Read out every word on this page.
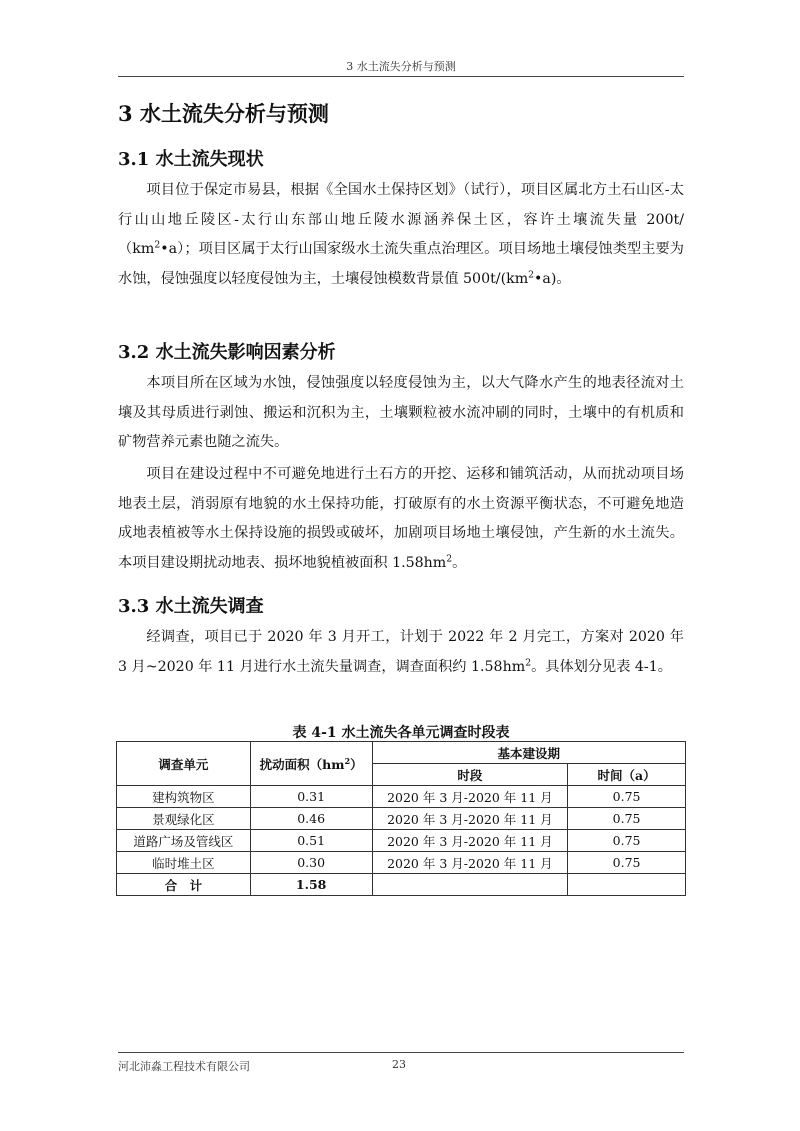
3 水土流失分析与预测
3 水土流失分析与预测
3.1 水土流失现状

项目位于保定市易县，根据《全国水土保持区划》（试行），项目区属北方土石山区-太行山山地丘陵区-太行山东部山地丘陵水源涵养保土区，容许土壤流失量 $200t/(km^2•a)$；项目区属于太行山国家级水土流失重点治理区。项目场地土壤侵蚀类型主要为水蚀，侵蚀强度以轻度侵蚀为主，土壤侵蚀模数背景值 $500t/(km^2•a)$。

3.2 水土流失影响因素分析

本项目所在区域为水蚀，侵蚀强度以轻度侵蚀为主，以大气降水产生的地表径流对土壤及其母质进行剥蚀、搬运和沉积为主，土壤颗粒被水流冲刷的同时，土壤中的有机质和矿物营养元素也随之流失。

项目在建设过程中不可避免地进行土石方的开挖、运移和铺筑活动，从而扰动项目场地表土层，消弱原有地貌的水土保持功能，打破原有的水土资源平衡状态，不可避免地造成地表植被等水土保持设施的损毁或破坏，加剧项目场地土壤侵蚀，产生新的水土流失。本项目建设期扰动地表、损坏地貌植被面积 $1.58hm^2$。

3.3 水土流失调查

经调查，项目已于 2020 年 3 月开工，计划于 2022 年 2 月完工，方案对 2020 年 3 月~2020 年 11 月进行水土流失量调查，调查面积约 $1.58hm^2$。具体划分见表 4-1。

表 4-1 水土流失各单元调查时段表
调查单元	扰动面积$(hm^2)$	基本建设期	
		时段	时间（a）
建构筑物区	0.31	2020 年 3 月-2020 年 11 月	0.75
景观绿化区	0.46	2020 年 3 月-2020 年 11 月	0.75
道路广场及管线区	0.51	2020 年 3 月-2020 年 11 月	0.75
临时堆土区	0.30	2020 年 3 月-2020 年 11 月	0.75
合　计	1.58		
河北沛淼工程技术有限公司	23
